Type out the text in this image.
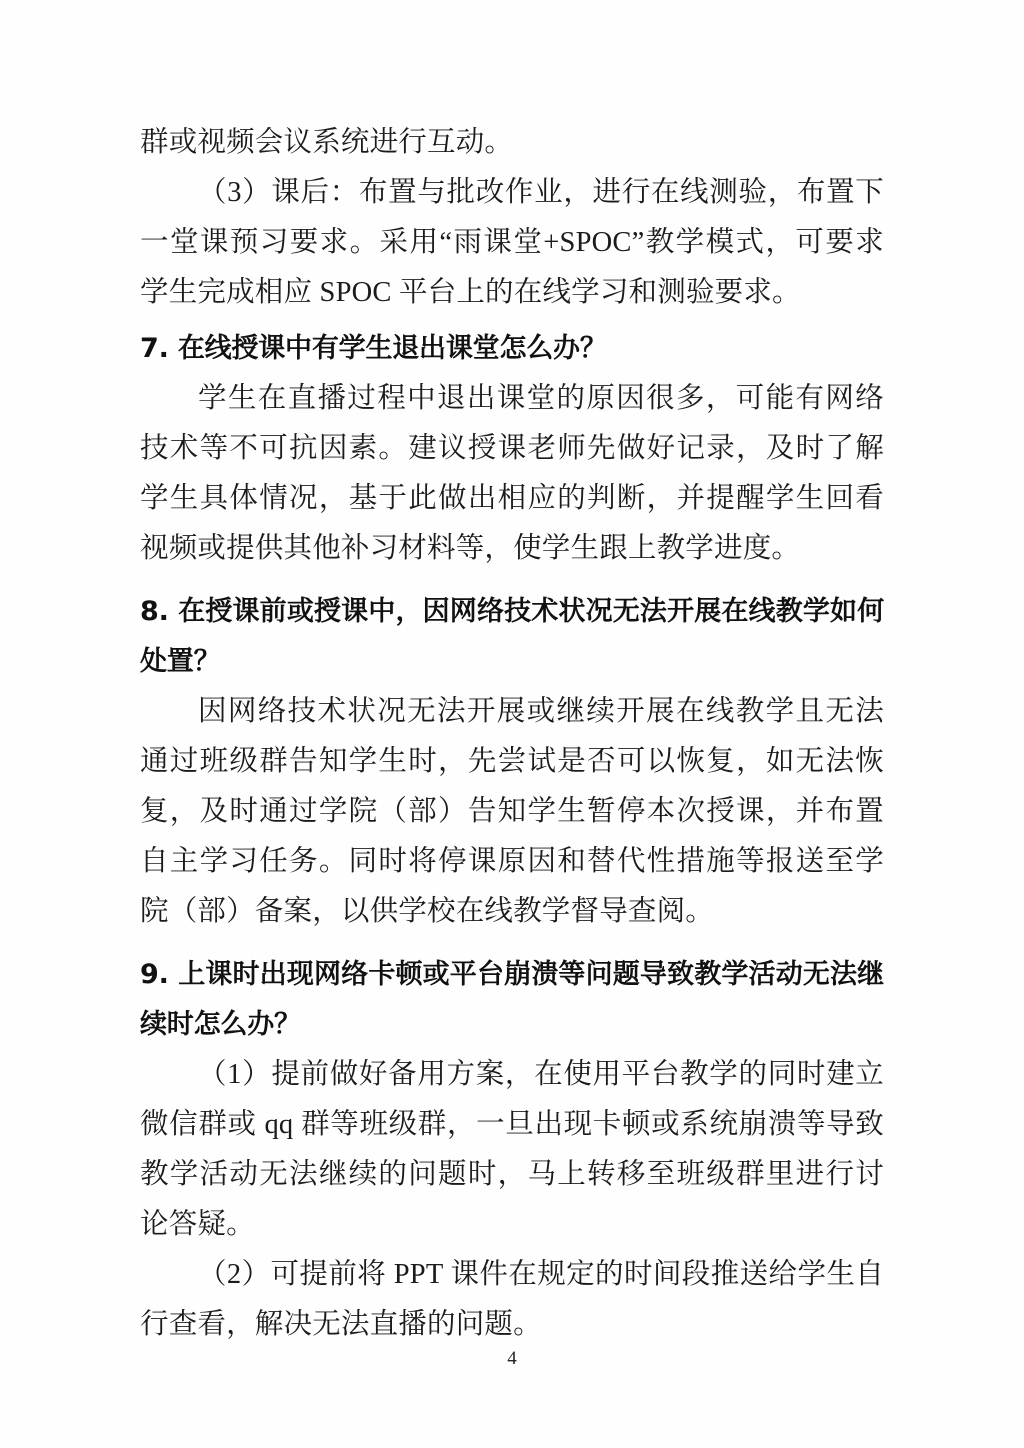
群或视频会议系统进行互动。

（3）课后：布置与批改作业，进行在线测验，布置下一堂课预习要求。采用“雨课堂+SPOC”教学模式，可要求学生完成相应 SPOC 平台上的在线学习和测验要求。

7. 在线授课中有学生退出课堂怎么办？

学生在直播过程中退出课堂的原因很多，可能有网络技术等不可抗因素。建议授课老师先做好记录，及时了解学生具体情况，基于此做出相应的判断，并提醒学生回看视频或提供其他补习材料等，使学生跟上教学进度。

8. 在授课前或授课中，因网络技术状况无法开展在线教学如何处置？

因网络技术状况无法开展或继续开展在线教学且无法通过班级群告知学生时，先尝试是否可以恢复，如无法恢复，及时通过学院（部）告知学生暂停本次授课，并布置自主学习任务。同时将停课原因和替代性措施等报送至学院（部）备案，以供学校在线教学督导查阅。

9. 上课时出现网络卡顿或平台崩溃等问题导致教学活动无法继续时怎么办？

（1）提前做好备用方案，在使用平台教学的同时建立微信群或 qq 群等班级群，一旦出现卡顿或系统崩溃等导致教学活动无法继续的问题时，马上转移至班级群里进行讨论答疑。

（2）可提前将 PPT 课件在规定的时间段推送给学生自行查看，解决无法直播的问题。

4
